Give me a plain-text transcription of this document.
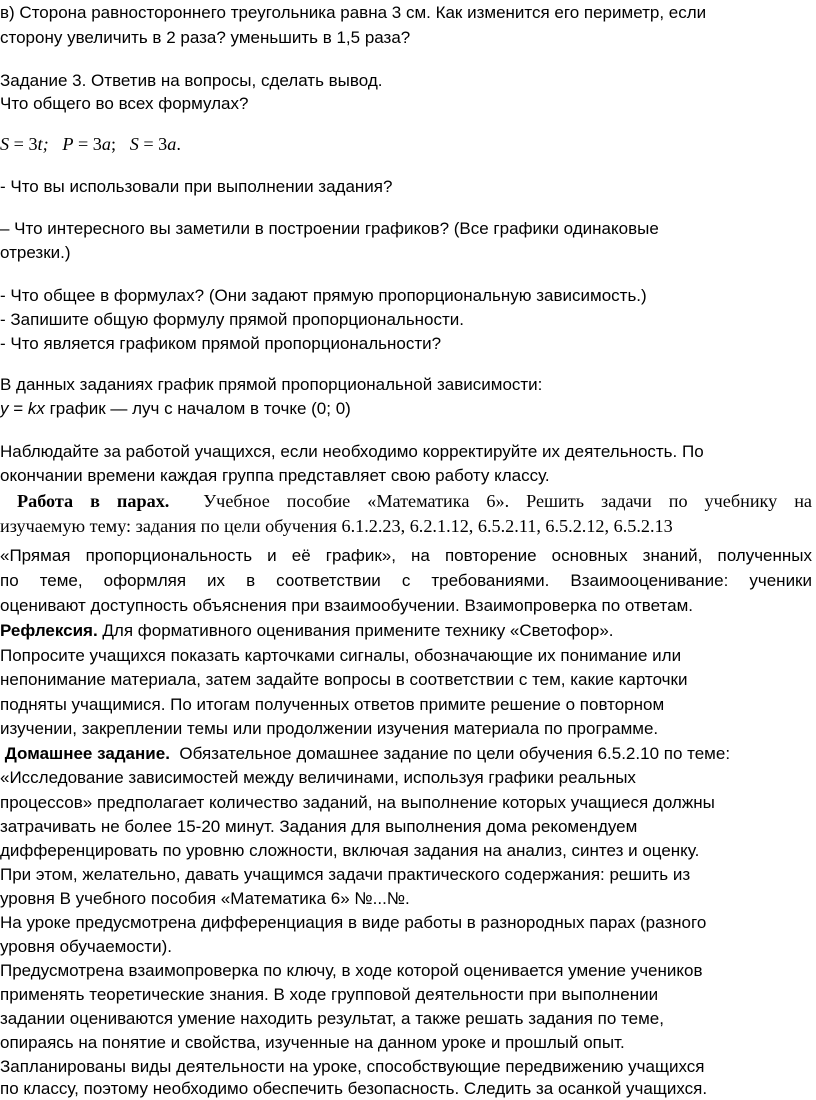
в) Сторона равностороннего треугольника равна 3 см. Как изменится его периметр, если
сторону увеличить в 2 раза? уменьшить в 1,5 раза?
Задание 3. Ответив на вопросы, сделать вывод.
Что общего во всех формулах?
S = 3t; P = 3a;   S = 3a.
- Что вы использовали при выполнении задания?
– Что интересного вы заметили в построении графиков? (Все графики одинаковые
отрезки.)
- Что общее в формулах? (Они задают прямую пропорциональную зависимость.)
- Запишите общую формулу прямой пропорциональности.
- Что является графиком прямой пропорциональности?
В данных заданиях график прямой пропорциональной зависимости:
y = kx график — луч с началом в точке (0; 0)
Наблюдайте за работой учащихся, если необходимо корректируйте их деятельность. По
окончании времени каждая группа представляет свою работу классу.
Работа в парах. Учебное пособие «Математика 6». Решить задачи по учебнику на
изучаемую тему: задания по цели обучения 6.1.2.23, 6.2.1.12, 6.5.2.11, 6.5.2.12, 6.5.2.13
«Прямая пропорциональность и её график», на повторение основных знаний, полученных
по теме, оформляя их в соответствии с требованиями. Взаимооценивание: ученики
оценивают доступность объяснения при взаимообучении. Взаимопроверка по ответам.
Рефлексия. Для формативного оценивания примените технику «Светофор».
Попросите учащихся показать карточками сигналы, обозначающие их понимание или
непонимание материала, затем задайте вопросы в соответствии с тем, какие карточки
подняты учащимися. По итогам полученных ответов примите решение о повторном
изучении, закреплении темы или продолжении изучения материала по программе.
Домашнее задание.  Обязательное домашнее задание по цели обучения 6.5.2.10 по теме:
«Исследование зависимостей между величинами, используя графики реальных
процессов» предполагает количество заданий, на выполнение которых учащиеся должны
затрачивать не более 15-20 минут. Задания для выполнения дома рекомендуем
дифференцировать по уровню сложности, включая задания на анализ, синтез и оценку.
При этом, желательно, давать учащимся задачи практического содержания: решить из
уровня В учебного пособия «Математика 6» №...№.
На уроке предусмотрена дифференциация в виде работы в разнородных парах (разного
уровня обучаемости).
Предусмотрена взаимопроверка по ключу, в ходе которой оценивается умение учеников
применять теоретические знания. В ходе групповой деятельности при выполнении
задании оцениваются умение находить результат, а также решать задания по теме,
опираясь на понятие и свойства, изученные на данном уроке и прошлый опыт.
Запланированы виды деятельности на уроке, способствующие передвижению учащихся
по классу, поэтому необходимо обеспечить безопасность. Следить за осанкой учащихся.
